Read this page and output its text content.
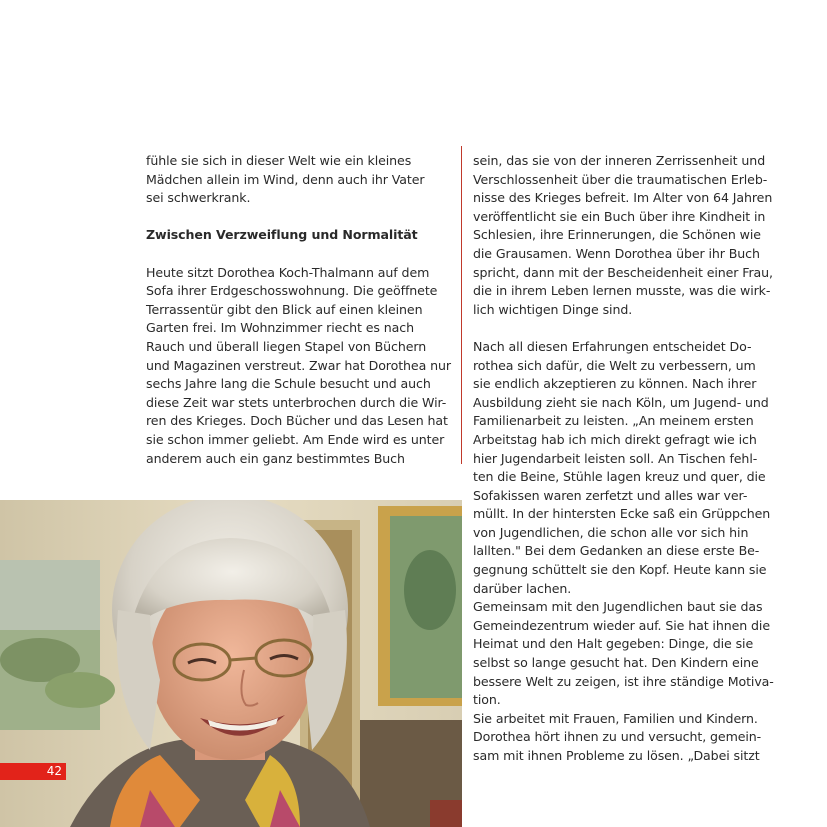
fühle sie sich in dieser Welt wie ein kleines

Mädchen allein im Wind, denn auch ihr Vater

sei schwerkrank.

Zwischen Verzweiflung und Normalität

Heute sitzt Dorothea Koch-Thalmann auf dem

Sofa ihrer Erdgeschosswohnung. Die geöffnete

Terrassentür gibt den Blick auf einen kleinen

Garten frei. Im Wohnzimmer riecht es nach

Rauch und überall liegen Stapel von Büchern

und Magazinen verstreut. Zwar hat Dorothea nur

sechs Jahre lang die Schule besucht und auch

diese Zeit war stets unterbrochen durch die Wir-

ren des Krieges. Doch Bücher und das Lesen hat

sie schon immer geliebt. Am Ende wird es unter

anderem auch ein ganz bestimmtes Buch

sein, das sie von der inneren Zerrissenheit und

Verschlossenheit über die traumatischen Erleb-

nisse des Krieges befreit. Im Alter von 64 Jahren

veröffentlicht sie ein Buch über ihre Kindheit in

Schlesien, ihre Erinnerungen, die Schönen wie

die Grausamen. Wenn Dorothea über ihr Buch

spricht, dann mit der Bescheidenheit einer Frau,

die in ihrem Leben lernen musste, was die wirk-

lich wichtigen Dinge sind.

Nach all diesen Erfahrungen entscheidet Do-

rothea sich dafür, die Welt zu verbessern, um

sie endlich akzeptieren zu können. Nach ihrer

Ausbildung zieht sie nach Köln, um Jugend- und

Familienarbeit zu leisten. „An meinem ersten

Arbeitstag hab ich mich direkt gefragt wie ich

hier Jugendarbeit leisten soll. An Tischen fehl-

ten die Beine, Stühle lagen kreuz und quer, die

Sofakissen waren zerfetzt und alles war ver-

müllt. In der hintersten Ecke saß ein Grüppchen

von Jugendlichen, die schon alle vor sich hin

lallten." Bei dem Gedanken an diese erste Be-

gegnung schüttelt sie den Kopf. Heute kann sie

darüber lachen.

Gemeinsam mit den Jugendlichen baut sie das

Gemeindezentrum wieder auf. Sie hat ihnen die

Heimat und den Halt gegeben: Dinge, die sie

selbst so lange gesucht hat. Den Kindern eine

bessere Welt zu zeigen, ist ihre ständige Motiva-

tion.

Sie arbeitet mit Frauen, Familien und Kindern.

Dorothea hört ihnen zu und versucht, gemein-

sam mit ihnen Probleme zu lösen. „Dabei sitzt

42
